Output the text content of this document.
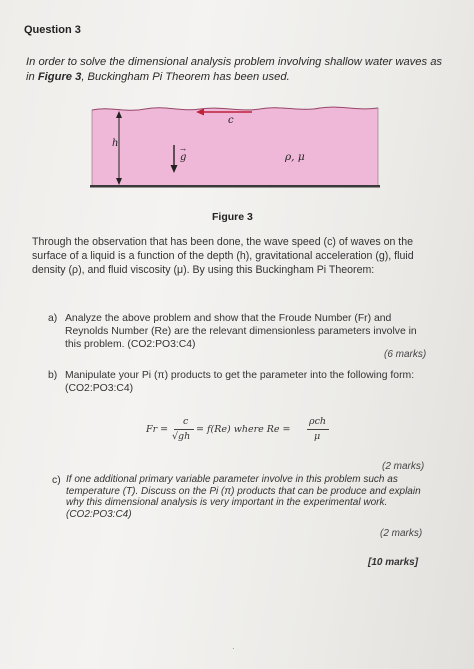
Question 3
In order to solve the dimensional analysis problem involving shallow water waves as
in Figure 3, Buckingham Pi Theorem has been used.
h
→
g
c
ρ, μ
Figure 3
Through the observation that has been done, the wave speed (c) of waves on the
surface of a liquid is a function of the depth (h), gravitational acceleration (g), fluid
density (ρ), and fluid viscosity (μ). By using this Buckingham Pi Theorem:
a) Analyze the above problem and show that the Froude Number (Fr) and
Reynolds Number (Re) are the relevant dimensionless parameters involve in
this problem. (CO2:PO3:C4)
(6 marks)
b) Manipulate your Pi (π) products to get the parameter into the following form:
(CO2:PO3:C4)
Fr =
c
√gh
= f(Re) where Re =
ρch
μ
(2 marks)
c) If one additional primary variable parameter involve in this problem such as
temperature (T). Discuss on the Pi (π) products that can be produce and explain
why this dimensional analysis is very important in the experimental work.
(CO2:PO3:C4)
(2 marks)
[10 marks]
·
